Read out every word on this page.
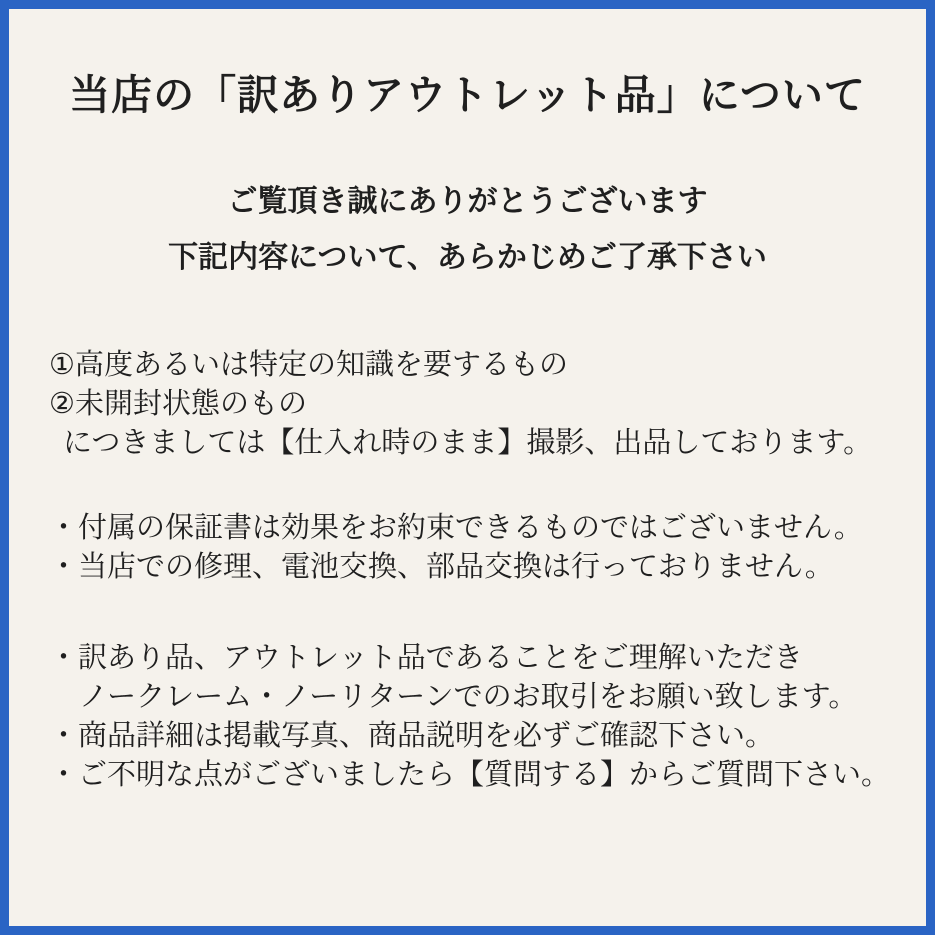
当店の「訳ありアウトレット品」について

ご覧頂き誠にありがとうございます

下記内容について、あらかじめご了承下さい

①高度あるいは特定の知識を要するもの

②未開封状態のもの

につきましては【仕入れ時のまま】撮影、出品しております。

・付属の保証書は効果をお約束できるものではございません。

・当店での修理、電池交換、部品交換は行っておりません。

・訳あり品、アウトレット品であることをご理解いただき

ノークレーム・ノーリターンでのお取引をお願い致します。

・商品詳細は掲載写真、商品説明を必ずご確認下さい。

・ご不明な点がございましたら【質問する】からご質問下さい。
